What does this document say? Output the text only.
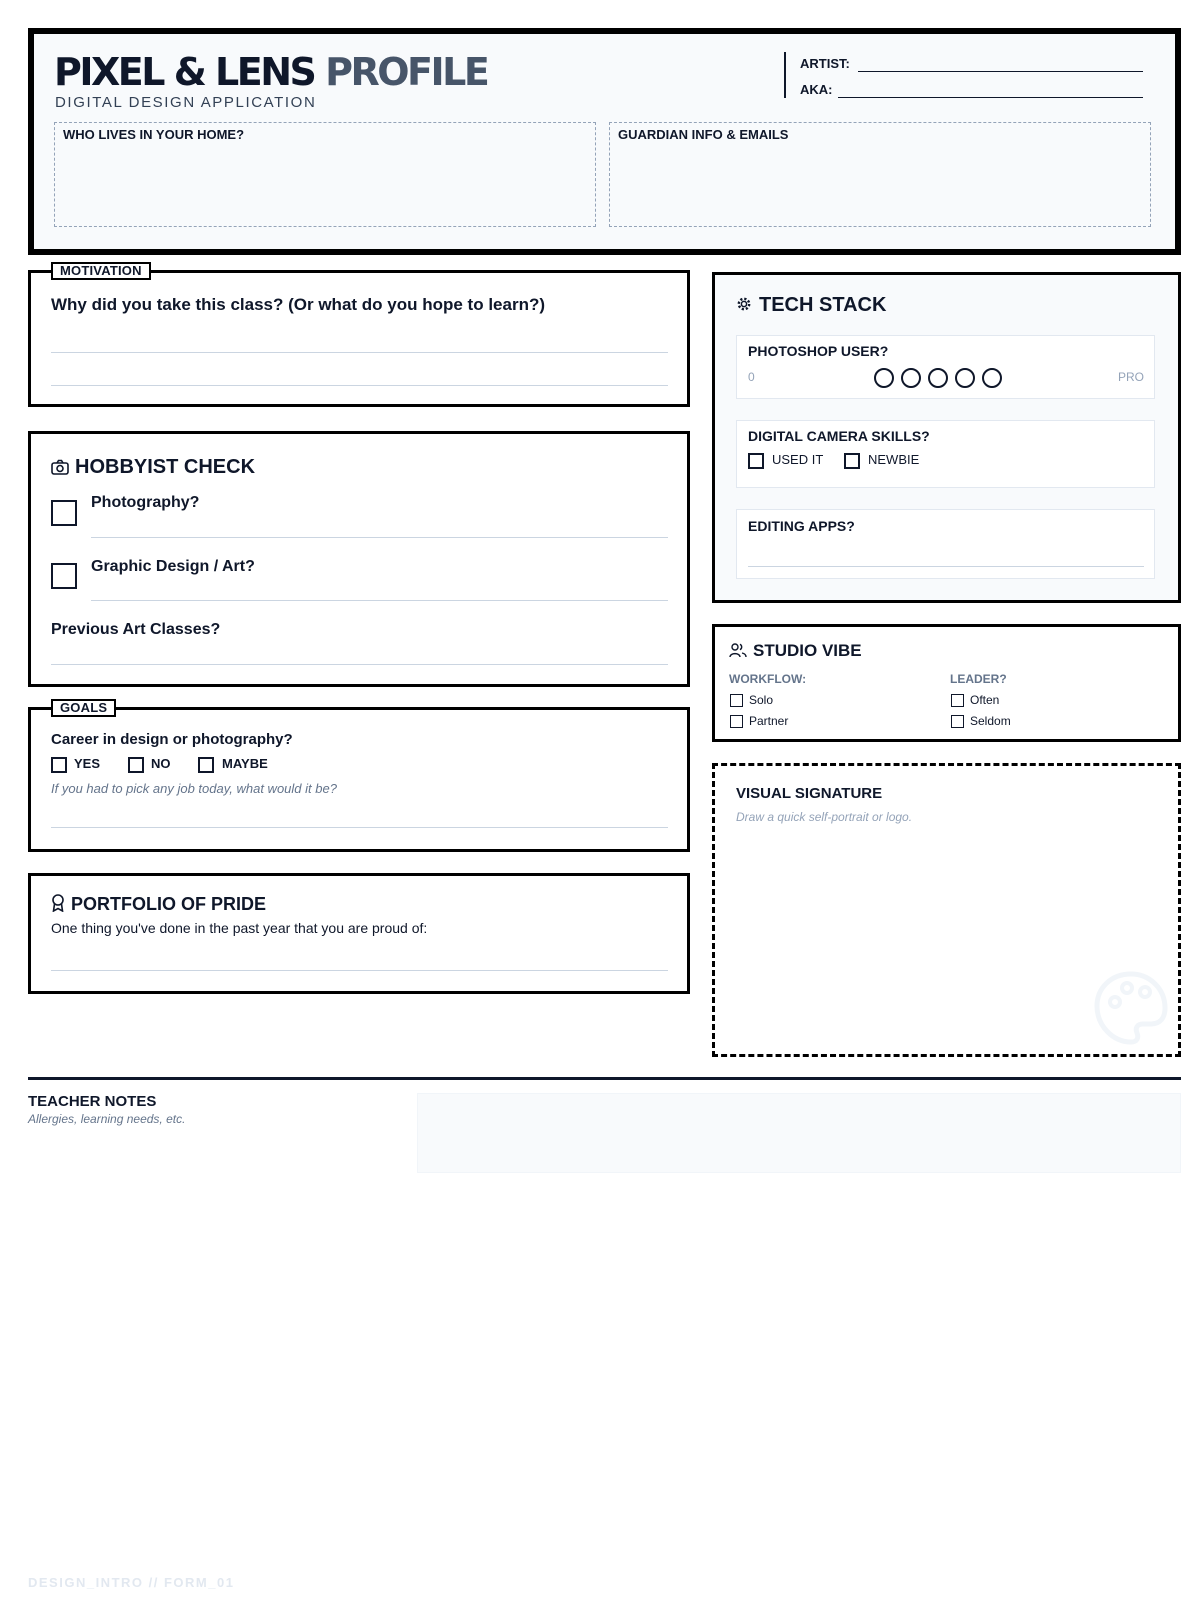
PIXEL & LENS PROFILE
DIGITAL DESIGN APPLICATION
ARTIST:
AKA:
WHO LIVES IN YOUR HOME?	GUARDIAN INFO & EMAILS
MOTIVATION
Why did you take this class? (Or what do you hope to learn?)
HOBBYIST CHECK
Photography?
Graphic Design / Art?
Previous Art Classes?
GOALS
Career in design or photography?
YES	NO	MAYBE
If you had to pick any job today, what would it be?
PORTFOLIO OF PRIDE
One thing you've done in the past year that you are proud of:
TECH STACK
PHOTOSHOP USER?
0	PRO
DIGITAL CAMERA SKILLS?
USED IT	NEWBIE
EDITING APPS?
STUDIO VIBE
WORKFLOW:
Solo
Partner
LEADER?
Often
Seldom
VISUAL SIGNATURE
Draw a quick self-portrait or logo.
TEACHER NOTES
Allergies, learning needs, etc.
DESIGN_INTRO // FORM_01
